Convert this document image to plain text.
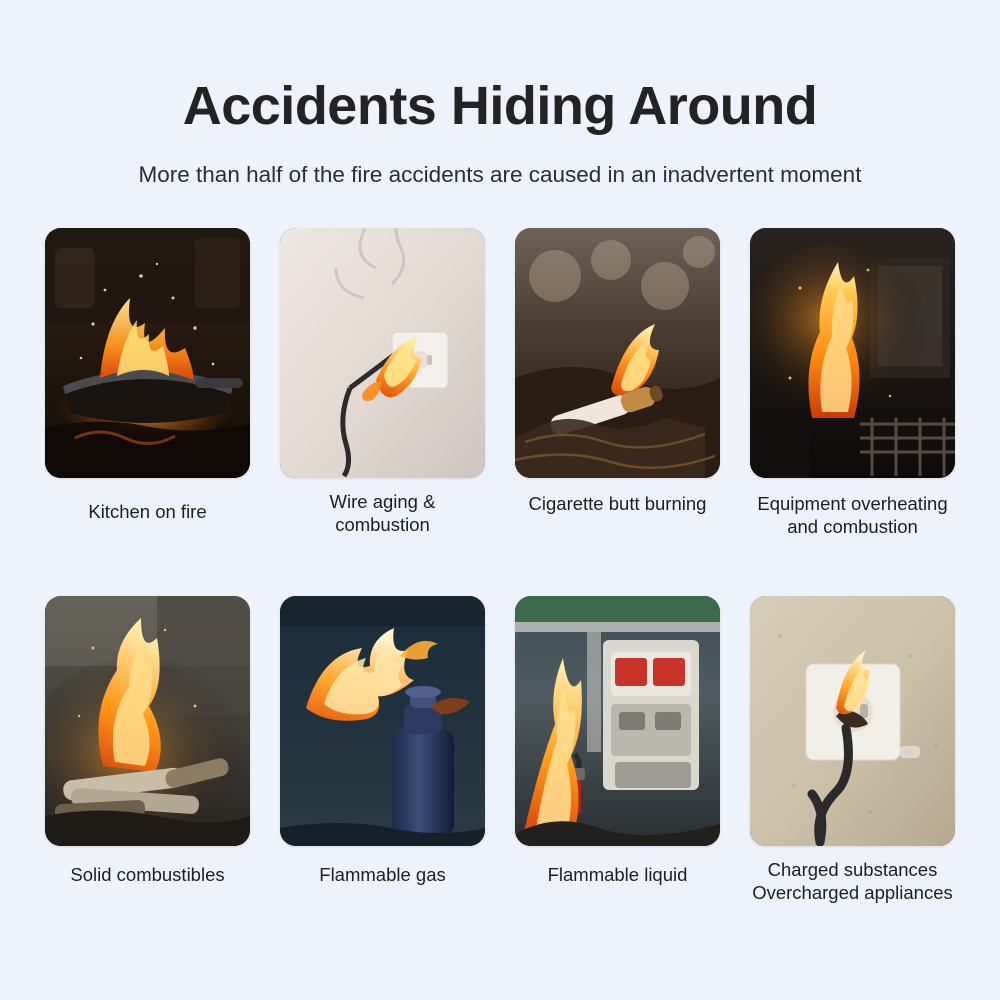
Accidents Hiding Around

More than half of the fire accidents are caused in an inadvertent moment

Kitchen on fire	Wire aging & combustion
Cigarette butt burning	Equipment overheating and combustion
Solid combustibles	Flammable gas	Flammable liquid	Charged substances Overcharged appliances
